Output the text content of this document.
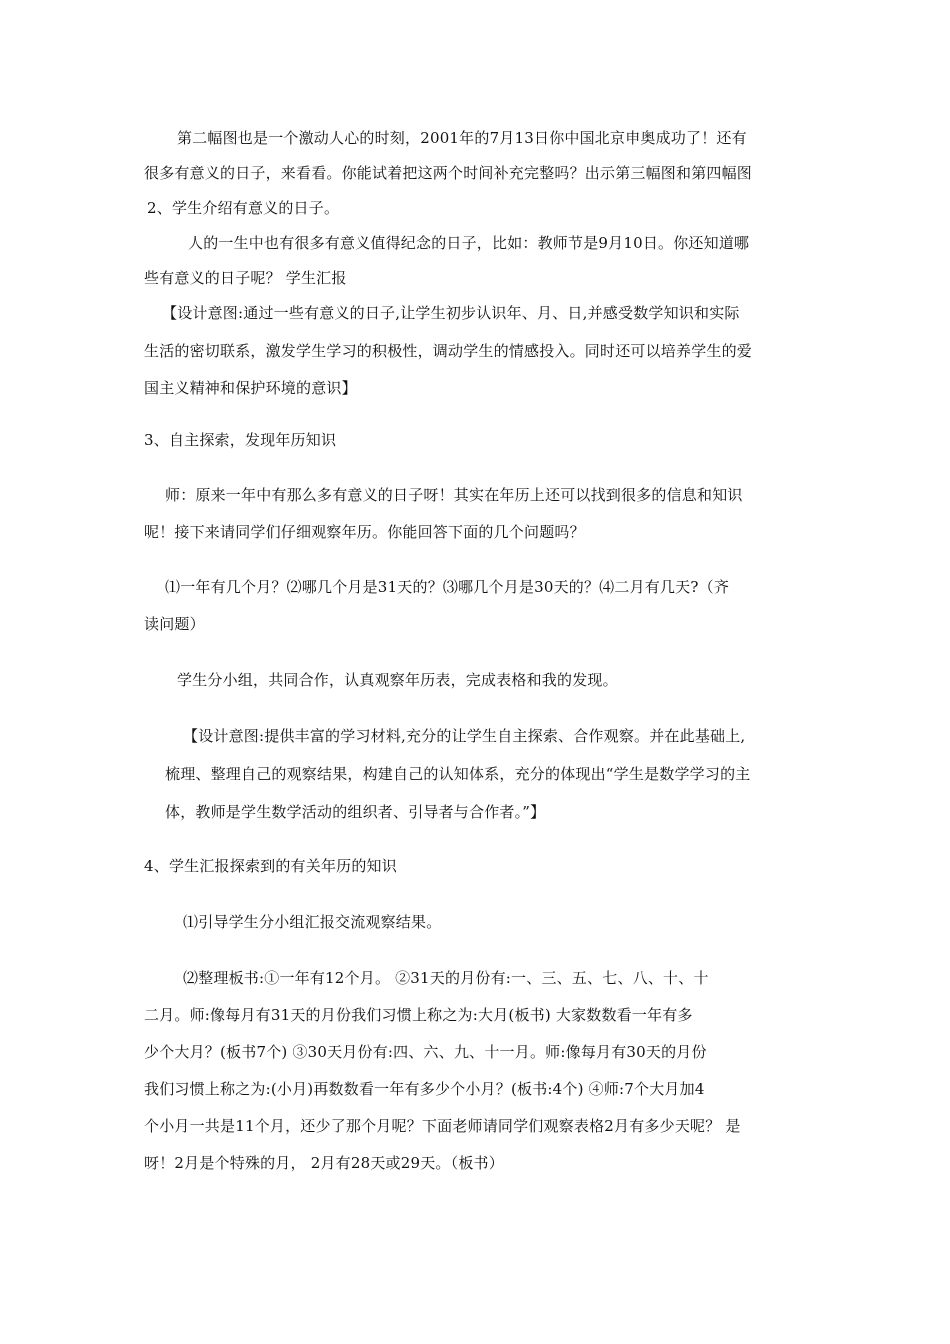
第二幅图也是一个激动人心的时刻，2001年的7月13日你中国北京申奥成功了！还有
很多有意义的日子，来看看。你能试着把这两个时间补充完整吗？出示第三幅图和第四幅图
2、学生介绍有意义的日子。
人的一生中也有很多有意义值得纪念的日子，比如：教师节是9月10日。你还知道哪
些有意义的日子呢？ 学生汇报
【设计意图:通过一些有意义的日子,让学生初步认识年、月、日,并感受数学知识和实际
生活的密切联系，激发学生学习的积极性，调动学生的情感投入。同时还可以培养学生的爱
国主义精神和保护环境的意识】
3、自主探索，发现年历知识
师：原来一年中有那么多有意义的日子呀！其实在年历上还可以找到很多的信息和知识
呢！接下来请同学们仔细观察年历。你能回答下面的几个问题吗？
⑴一年有几个月？⑵哪几个月是31天的？⑶哪几个月是30天的？⑷二月有几天?（齐
读问题）
学生分小组，共同合作，认真观察年历表，完成表格和我的发现。
【设计意图:提供丰富的学习材料,充分的让学生自主探索、合作观察。并在此基础上,
梳理、整理自己的观察结果，构建自己的认知体系，充分的体现出“学生是数学学习的主
体，教师是学生数学活动的组织者、引导者与合作者。”】
4、学生汇报探索到的有关年历的知识
⑴引导学生分小组汇报交流观察结果。
⑵整理板书:①一年有12个月。 ②31天的月份有:一、三、五、七、八、十、十
二月。师:像每月有31天的月份我们习惯上称之为:大月(板书) 大家数数看一年有多
少个大月？(板书7个) ③30天月份有:四、六、九、十一月。师:像每月有30天的月份
我们习惯上称之为:(小月)再数数看一年有多少个小月？(板书:4个) ④师:7个大月加4
个小月一共是11个月，还少了那个月呢？下面老师请同学们观察表格2月有多少天呢？ 是
呀！2月是个特殊的月， 2月有28天或29天。（板书）
